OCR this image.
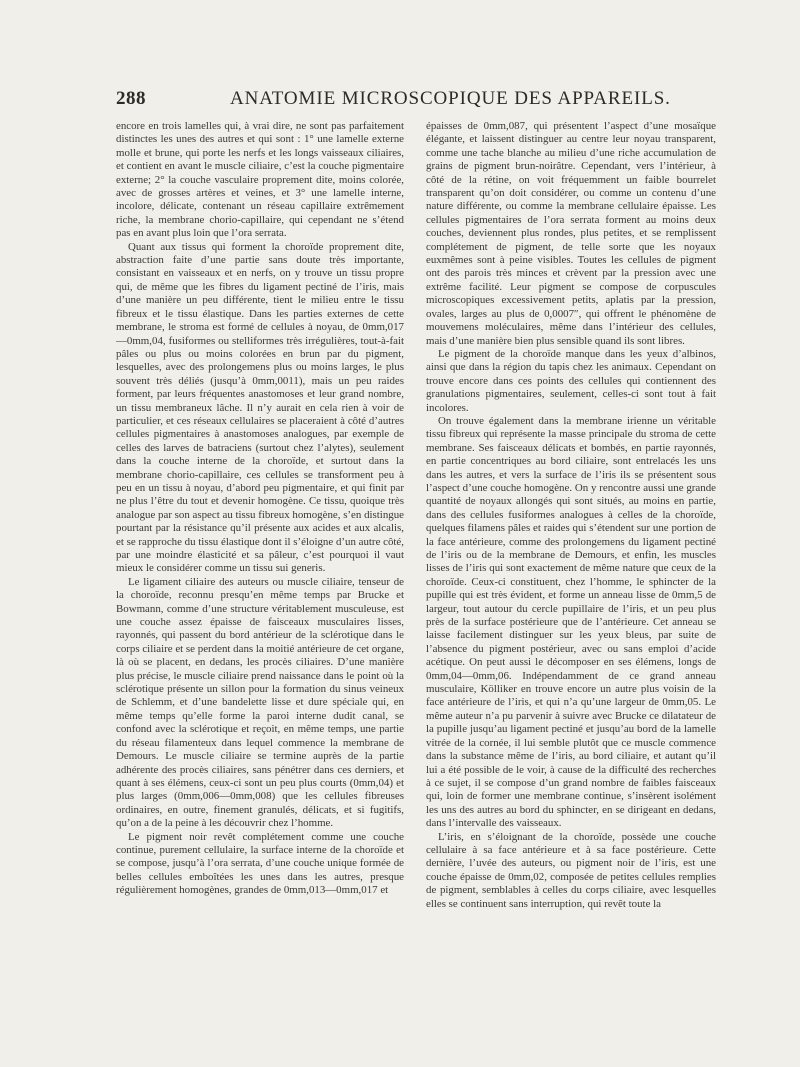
288	ANATOMIE MICROSCOPIQUE DES APPAREILS.

encore en trois lamelles qui, à vrai dire, ne sont pas parfaitement distinctes les unes des autres et qui sont : 1° une lamelle externe molle et brune, qui porte les nerfs et les longs vaisseaux ciliaires, et contient en avant le muscle ciliaire, c’est la couche pigmentaire externe; 2° la couche vasculaire proprement dite, moins colorée, avec de grosses artères et veines, et 3° une lamelle interne, incolore, délicate, contenant un réseau capillaire extrêmement riche, la membrane chorio-capillaire, qui cependant ne s’étend pas en avant plus loin que l’ora serrata.

Quant aux tissus qui forment la choroïde proprement dite, abstraction faite d’une partie sans doute très importante, consistant en vaisseaux et en nerfs, on y trouve un tissu propre qui, de même que les fibres du ligament pectiné de l’iris, mais d’une manière un peu différente, tient le milieu entre le tissu fibreux et le tissu élastique. Dans les parties externes de cette membrane, le stroma est formé de cellules à noyau, de 0mm,017 —0mm,04, fusiformes ou stelliformes très irrégulières, tout-à-fait pâles ou plus ou moins colorées en brun par du pigment, lesquelles, avec des prolongemens plus ou moins larges, le plus souvent très déliés (jusqu’à 0mm,0011), mais un peu raides forment, par leurs fréquentes anastomoses et leur grand nombre, un tissu membraneux lâche. Il n’y aurait en cela rien à voir de particulier, et ces réseaux cellulaires se placeraient à côté d’autres cellules pigmentaires à anastomoses analogues, par exemple de celles des larves de batraciens (surtout chez l’alytes), seulement dans la couche interne de la choroïde, et surtout dans la membrane chorio-capillaire, ces cellules se transforment peu à peu en un tissu à noyau, d’abord peu pigmentaire, et qui finit par ne plus l’être du tout et devenir homogène. Ce tissu, quoique très analogue par son aspect au tissu fibreux homogène, s’en distingue pourtant par la résistance qu’il présente aux acides et aux alcalis, et se rapproche du tissu élastique dont il s’éloigne d’un autre côté, par une moindre élasticité et sa pâleur, c’est pourquoi il vaut mieux le considérer comme un tissu sui generis.

Le ligament ciliaire des auteurs ou muscle ciliaire, tenseur de la choroïde, reconnu presqu’en même temps par Brucke et Bowmann, comme d’une structure véritablement musculeuse, est une couche assez épaisse de faisceaux musculaires lisses, rayonnés, qui passent du bord antérieur de la sclérotique dans le corps ciliaire et se perdent dans la moitié antérieure de cet organe, là où se placent, en dedans, les procès ciliaires. D’une manière plus précise, le muscle ciliaire prend naissance dans le point où la sclérotique présente un sillon pour la formation du sinus veineux de Schlemm, et d’une bandelette lisse et dure spéciale qui, en même temps qu’elle forme la paroi interne dudit canal, se confond avec la sclérotique et reçoit, en même temps, une partie du réseau filamenteux dans lequel commence la membrane de Demours. Le muscle ciliaire se termine auprès de la partie adhérente des procès ciliaires, sans pénétrer dans ces derniers, et quant à ses élémens, ceux-ci sont un peu plus courts (0mm,04) et plus larges (0mm,006—0mm,008) que les cellules fibreuses ordinaires, en outre, finement granulés, délicats, et si fugitifs, qu’on a de la peine à les découvrir chez l’homme.

Le pigment noir revêt complétement comme une couche continue, purement cellulaire, la surface interne de la choroïde et se compose, jusqu’à l’ora serrata, d’une couche unique formée de belles cellules emboîtées les unes dans les autres, presque régulièrement homogènes, grandes de 0mm,013—0mm,017 et

épaisses de 0mm,087, qui présentent l’aspect d’une mosaïque élégante, et laissent distinguer au centre leur noyau transparent, comme une tache blanche au milieu d’une riche accumulation de grains de pigment brun-noirâtre. Cependant, vers l’intérieur, à côté de la rétine, on voit fréquemment un faible bourrelet transparent qu’on doit considérer, ou comme un contenu d’une nature différente, ou comme la membrane cellulaire épaisse. Les cellules pigmentaires de l’ora serrata forment au moins deux couches, deviennent plus rondes, plus petites, et se remplissent complétement de pigment, de telle sorte que les noyaux euxmêmes sont à peine visibles. Toutes les cellules de pigment ont des parois très minces et crèvent par la pression avec une extrême facilité. Leur pigment se compose de corpuscules microscopiques excessivement petits, aplatis par la pression, ovales, larges au plus de 0,0007″, qui offrent le phénomène de mouvemens moléculaires, même dans l’intérieur des cellules, mais d’une manière bien plus sensible quand ils sont libres.

Le pigment de la choroïde manque dans les yeux d’albinos, ainsi que dans la région du tapis chez les animaux. Cependant on trouve encore dans ces points des cellules qui contiennent des granulations pigmentaires, seulement, celles-ci sont tout à fait incolores.

On trouve également dans la membrane irienne un véritable tissu fibreux qui représente la masse principale du stroma de cette membrane. Ses faisceaux délicats et bombés, en partie rayonnés, en partie concentriques au bord ciliaire, sont entrelacés les uns dans les autres, et vers la surface de l’iris ils se présentent sous l’aspect d’une couche homogène. On y rencontre aussi une grande quantité de noyaux allongés qui sont situés, au moins en partie, dans des cellules fusiformes analogues à celles de la choroïde, quelques filamens pâles et raides qui s’étendent sur une portion de la face antérieure, comme des prolongemens du ligament pectiné de l’iris ou de la membrane de Demours, et enfin, les muscles lisses de l’iris qui sont exactement de même nature que ceux de la choroïde. Ceux-ci constituent, chez l’homme, le sphincter de la pupille qui est très évident, et forme un anneau lisse de 0mm,5 de largeur, tout autour du cercle pupillaire de l’iris, et un peu plus près de la surface postérieure que de l’antérieure. Cet anneau se laisse facilement distinguer sur les yeux bleus, par suite de l’absence du pigment postérieur, avec ou sans emploi d’acide acétique. On peut aussi le décomposer en ses élémens, longs de 0mm,04—0mm,06. Indépendamment de ce grand anneau musculaire, Kölliker en trouve encore un autre plus voisin de la face antérieure de l’iris, et qui n’a qu’une largeur de 0mm,05. Le même auteur n’a pu parvenir à suivre avec Brucke ce dilatateur de la pupille jusqu’au ligament pectiné et jusqu’au bord de la lamelle vitrée de la cornée, il lui semble plutôt que ce muscle commence dans la substance même de l’iris, au bord ciliaire, et autant qu’il lui a été possible de le voir, à cause de la difficulté des recherches à ce sujet, il se compose d’un grand nombre de faibles faisceaux qui, loin de former une membrane continue, s’insèrent isolément les uns des autres au bord du sphincter, en se dirigeant en dedans, dans l’intervalle des vaisseaux.

L’iris, en s’éloignant de la choroïde, possède une couche cellulaire à sa face antérieure et à sa face postérieure. Cette dernière, l’uvée des auteurs, ou pigment noir de l’iris, est une couche épaisse de 0mm,02, composée de petites cellules remplies de pigment, semblables à celles du corps ciliaire, avec lesquelles elles se continuent sans interruption, qui revêt toute la
